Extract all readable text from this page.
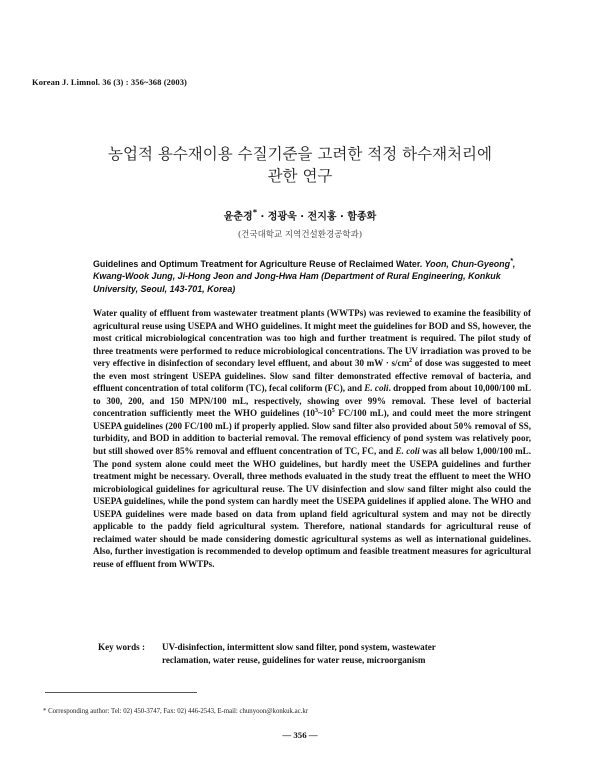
Korean J. Limnol. 36 (3) : 356~368 (2003)
농업적 용수재이용 수질기준을 고려한 적정 하수재처리에
관한 연구
윤춘경* · 정광욱 · 전지홍 · 함종화
(건국대학교 지역건설환경공학과)
Guidelines and Optimum Treatment for Agriculture Reuse of Reclaimed Water. Yoon, Chun-Gyeong*, Kwang-Wook Jung, Ji-Hong Jeon and Jong-Hwa Ham (Department of Rural Engineering, Konkuk University, Seoul, 143-701, Korea)
Water quality of effluent from wastewater treatment plants (WWTPs) was reviewed to examine the feasibility of agricultural reuse using USEPA and WHO guidelines. It might meet the guidelines for BOD and SS, however, the most critical microbiological concentration was too high and further treatment is required. The pilot study of three treatments were performed to reduce microbiological concentrations. The UV irradiation was proved to be very effective in disinfection of secondary level effluent, and about 30 mW · $s/cm^2$ of dose was suggested to meet the even most stringent USEPA guidelines. Slow sand filter demonstrated effective removal of bacteria, and effluent concentration of total coliform (TC), fecal coliform (FC), and E. coli. dropped from about 10,000/100 mL to 300, 200, and 150 MPN/100 mL, respectively, showing over 99% removal. These level of bacterial concentration sufficiently meet the WHO guidelines ($10^3\sim 10^5$ FC/100 mL), and could meet the more stringent USEPA guidelines (200 FC/100 mL) if properly applied. Slow sand filter also provided about 50% removal of SS, turbidity, and BOD in addition to bacterial removal. The removal efficiency of pond system was relatively poor, but still showed over 85% removal and effluent concentration of TC, FC, and E. coli was all below 1,000/100 mL. The pond system alone could meet the WHO guidelines, but hardly meet the USEPA guidelines and further treatment might be necessary. Overall, three methods evaluated in the study treat the effluent to meet the WHO microbiological guidelines for agricultural reuse. The UV disinfection and slow sand filter might also could the USEPA guidelines, while the pond system can hardly meet the USEPA guidelines if applied alone. The WHO and USEPA guidelines were made based on data from upland field agricultural system and may not be directly applicable to the paddy field agricultural system. Therefore, national standards for agricultural reuse of reclaimed water should be made considering domestic agricultural systems as well as international guidelines. Also, further investigation is recommended to develop optimum and feasible treatment measures for agricultural reuse of effluent from WWTPs.
Key words : UV-disinfection, intermittent slow sand filter, pond system, wastewater
reclamation, water reuse, guidelines for water reuse, microorganism
* Corresponding author: Tel: 02) 450-3747, Fax: 02) 446-2543, E-mail: chunyoon@konkuk.ac.kr
— 356 —
